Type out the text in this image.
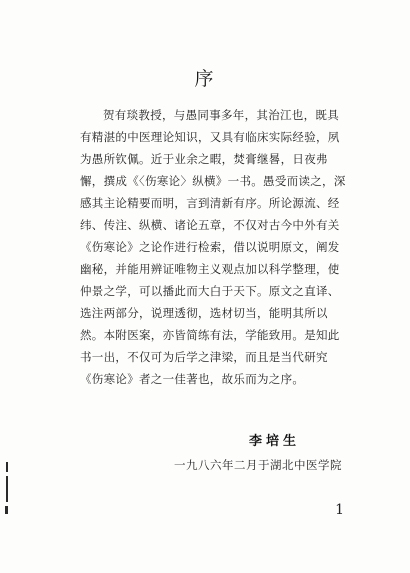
序
贺有琰教授，与愚同事多年，其治江也，既具
有精湛的中医理论知识，又具有临床实际经验，夙
为愚所钦佩。近于业余之暇，焚膏继晷，日夜弗
懈，撰成《〈伤寒论〉纵横》一书。愚受而读之，深
感其主论精要而明，言到清新有序。所论源流、经
纬、传注、纵横、诸论五章，不仅对古今中外有关
《伤寒论》之论作进行检索，借以说明原文，阐发
幽秘，并能用辨证唯物主义观点加以科学整理，使
仲景之学，可以播此而大白于天下。原文之直译、
选注两部分，说理透彻，选材切当，能明其所以
然。本附医案，亦皆简练有法，学能致用。是知此
书一出，不仅可为后学之津梁，而且是当代研究
《伤寒论》者之一佳著也，故乐而为之序。
李培生
一九八六年二月于湖北中医学院
1
